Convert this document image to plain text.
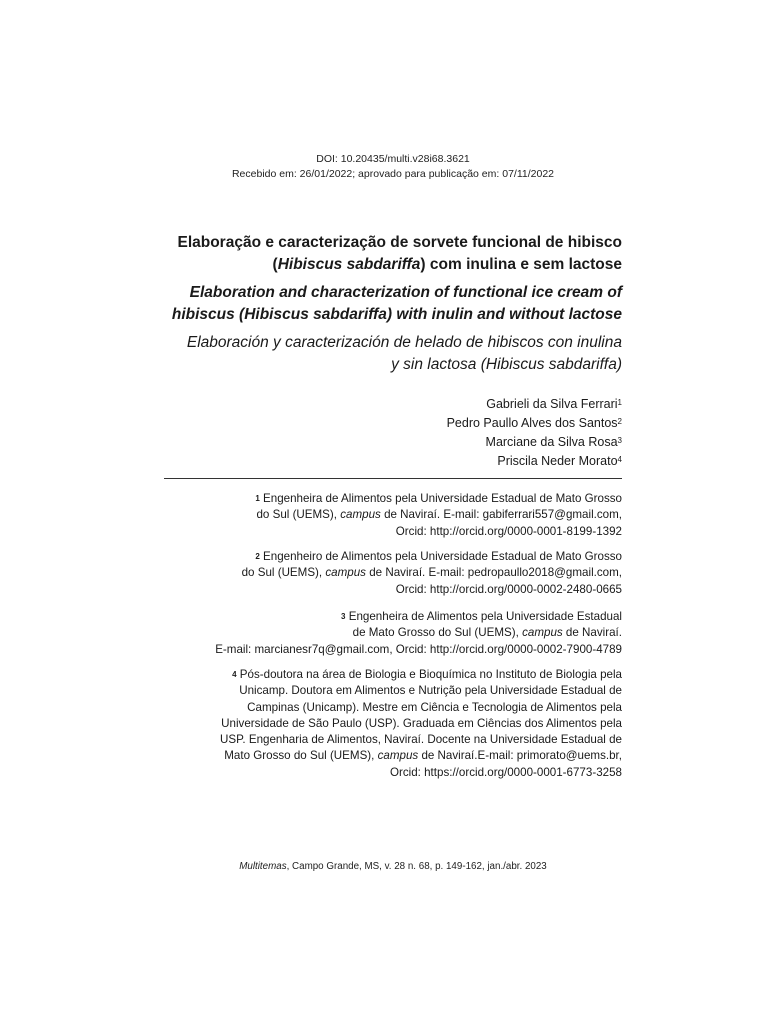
DOI: 10.20435/multi.v28i68.3621
Recebido em: 26/01/2022; aprovado para publicação em: 07/11/2022
Elaboração e caracterização de sorvete funcional de hibisco
(Hibiscus sabdariffa) com inulina e sem lactose
Elaboration and characterization of functional ice cream of
hibiscus (Hibiscus sabdariffa) with inulin and without lactose
Elaboración y caracterización de helado de hibiscos con inulina
y sin lactosa (Hibiscus sabdariffa)
Gabrieli da Silva Ferrari$^1$
Pedro Paullo Alves dos Santos$^2$
Marciane da Silva Rosa$^3$
Priscila Neder Morato$^4$
$^1$ Engenheira de Alimentos pela Universidade Estadual de Mato Grosso
do Sul (UEMS), campus de Naviraí. E-mail: gabiferrari557@gmail.com,
Orcid: http://orcid.org/0000-0001-8199-1392
$^2$ Engenheiro de Alimentos pela Universidade Estadual de Mato Grosso
do Sul (UEMS), campus de Naviraí. E-mail: pedropaullo2018@gmail.com,
Orcid: http://orcid.org/0000-0002-2480-0665
$^3$ Engenheira de Alimentos pela Universidade Estadual
de Mato Grosso do Sul (UEMS), campus de Naviraí.
E-mail: marcianesr7q@gmail.com, Orcid: http://orcid.org/0000-0002-7900-4789
$^4$ Pós-doutora na área de Biologia e Bioquímica no Instituto de Biologia pela
Unicamp. Doutora em Alimentos e Nutrição pela Universidade Estadual de
Campinas (Unicamp). Mestre em Ciência e Tecnologia de Alimentos pela
Universidade de São Paulo (USP). Graduada em Ciências dos Alimentos pela
USP. Engenharia de Alimentos, Naviraí. Docente na Universidade Estadual de
Mato Grosso do Sul (UEMS), campus de Naviraí.E-mail: primorato@uems.br,
Orcid: https://orcid.org/0000-0001-6773-3258
Multitemas, Campo Grande, MS, v. 28 n. 68, p. 149-162, jan./abr. 2023
